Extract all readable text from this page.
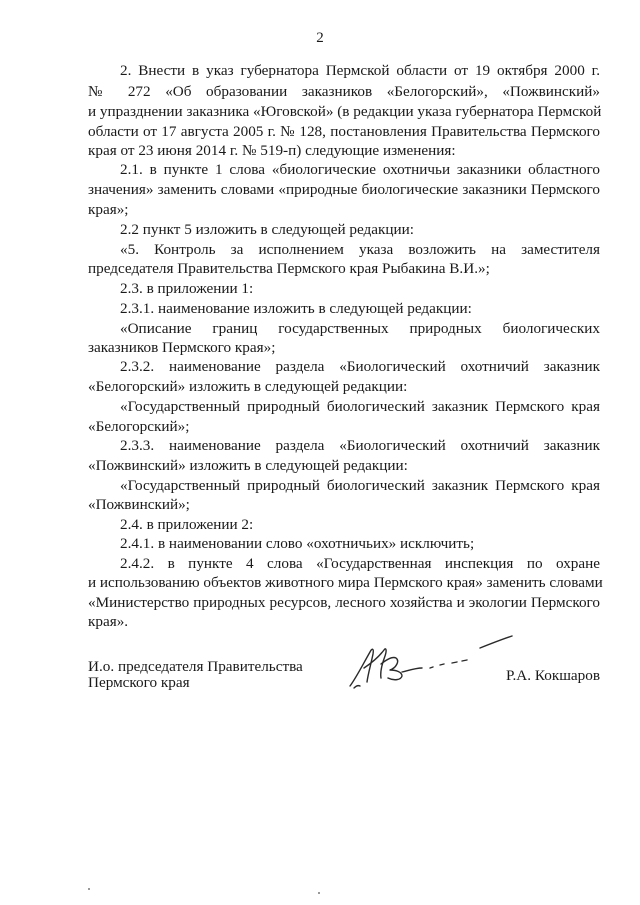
2
2. Внести в указ губернатора Пермской области от 19 октября 2000 г.
№ 272 «Об образовании заказников «Белогорский», «Пожвинский»
и упразднении заказника «Юговской» (в редакции указа губернатора Пермской
области от 17 августа 2005 г. № 128, постановления Правительства Пермского
края от 23 июня 2014 г. № 519-п) следующие изменения:
2.1. в пункте 1 слова «биологические охотничьи заказники областного
значения» заменить словами «природные биологические заказники Пермского
края»;
2.2 пункт 5 изложить в следующей редакции:
«5. Контроль за исполнением указа возложить на заместителя
председателя Правительства Пермского края Рыбакина В.И.»;
2.3. в приложении 1:
2.3.1. наименование изложить в следующей редакции:
«Описание границ государственных природных биологических
заказников Пермского края»;
2.3.2. наименование раздела «Биологический охотничий заказник
«Белогорский» изложить в следующей редакции:
«Государственный природный биологический заказник Пермского края
«Белогорский»;
2.3.3. наименование раздела «Биологический охотничий заказник
«Пожвинский» изложить в следующей редакции:
«Государственный природный биологический заказник Пермского края
«Пожвинский»;
2.4. в приложении 2:
2.4.1. в наименовании слово «охотничьих» исключить;
2.4.2. в пункте 4 слова «Государственная инспекция по охране
и использованию объектов животного мира Пермского края» заменить словами
«Министерство природных ресурсов, лесного хозяйства и экологии Пермского
края».
И.о. председателя Правительства
Пермского края	Р.А. Кокшаров
